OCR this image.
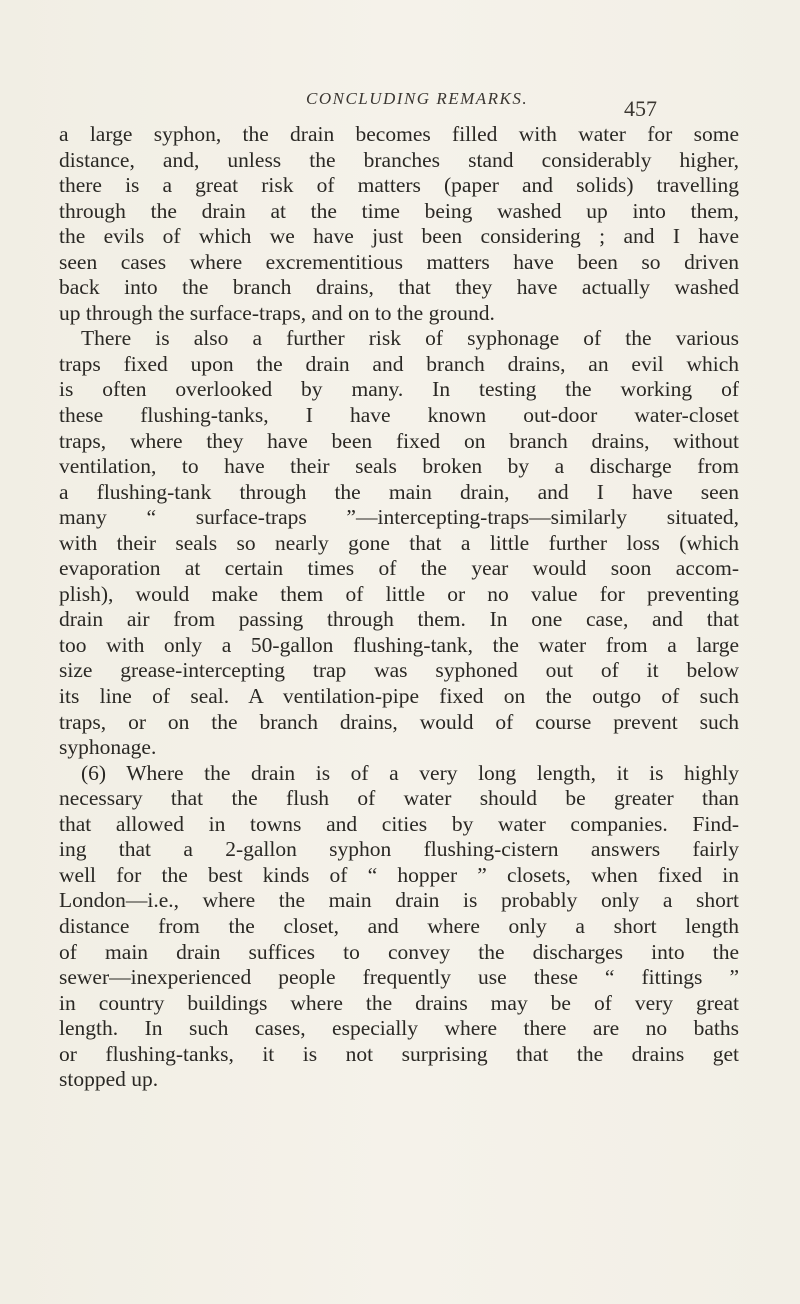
CONCLUDING REMARKS.	457
a large syphon, the drain becomes filled with water for some
distance, and, unless the branches stand considerably higher,
there is a great risk of matters (paper and solids) travelling
through the drain at the time being washed up into them,
the evils of which we have just been considering ; and I have
seen cases where excrementitious matters have been so driven
back into the branch drains, that they have actually washed
up through the surface-traps, and on to the ground.
There is also a further risk of syphonage of the various
traps fixed upon the drain and branch drains, an evil which
is often overlooked by many. In testing the working of
these flushing-tanks, I have known out-door water-closet
traps, where they have been fixed on branch drains, without
ventilation, to have their seals broken by a discharge from
a flushing-tank through the main drain, and I have seen
many “ surface-traps ”—intercepting-traps—similarly situated,
with their seals so nearly gone that a little further loss (which
evaporation at certain times of the year would soon accom-
plish), would make them of little or no value for preventing
drain air from passing through them. In one case, and that
too with only a 50-gallon flushing-tank, the water from a large
size grease-intercepting trap was syphoned out of it below
its line of seal. A ventilation-pipe fixed on the outgo of such
traps, or on the branch drains, would of course prevent such
syphonage.
(6) Where the drain is of a very long length, it is highly
necessary that the flush of water should be greater than
that allowed in towns and cities by water companies. Find-
ing that a 2-gallon syphon flushing-cistern answers fairly
well for the best kinds of “ hopper ” closets, when fixed in
London—i.e., where the main drain is probably only a short
distance from the closet, and where only a short length
of main drain suffices to convey the discharges into the
sewer—inexperienced people frequently use these “ fittings ”
in country buildings where the drains may be of very great
length. In such cases, especially where there are no baths
or flushing-tanks, it is not surprising that the drains get
stopped up.
